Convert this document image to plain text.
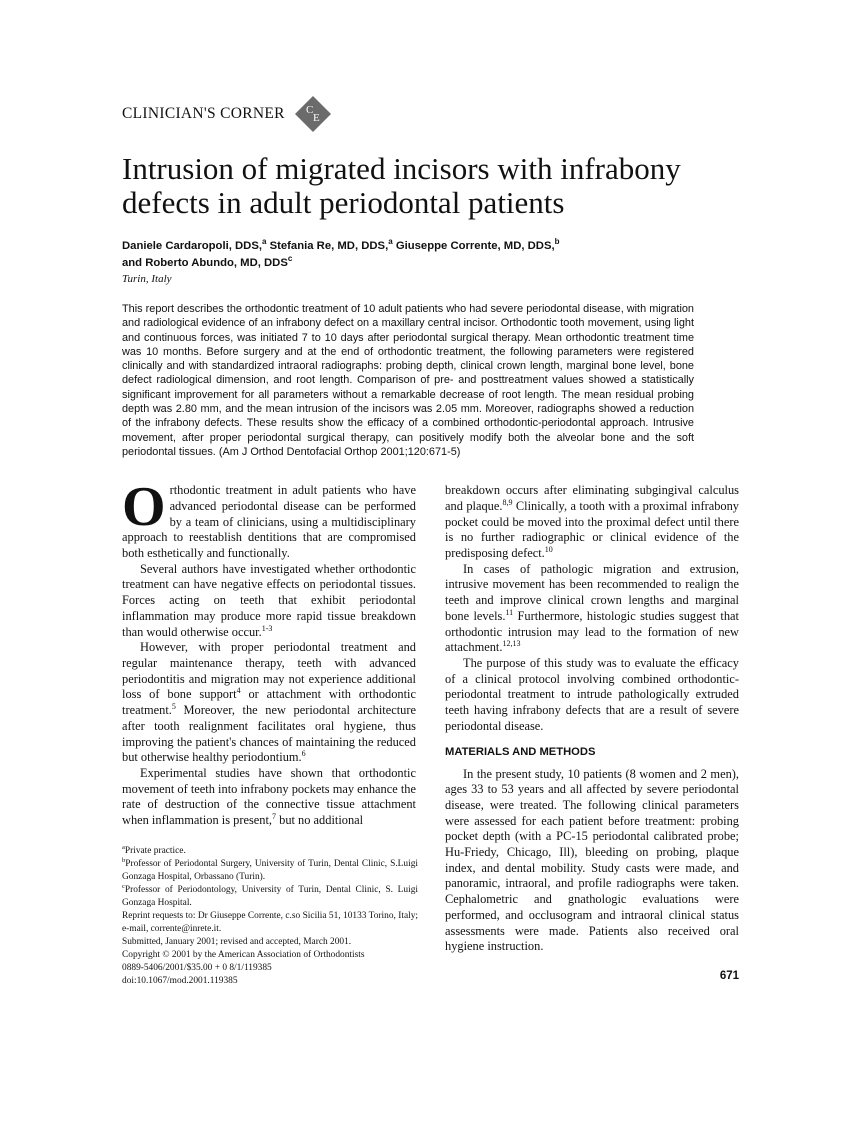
CLINICIAN'S CORNER C
E
Intrusion of migrated incisors with infrabony defects in adult periodontal patients
Daniele Cardaropoli, DDS,$^a$ Stefania Re, MD, DDS,$^a$ Giuseppe Corrente, MD, DDS,$^b$
and Roberto Abundo, MD, DDS$^c$
Turin, Italy

This report describes the orthodontic treatment of 10 adult patients who had severe periodontal disease, with migration and radiological evidence of an infrabony defect on a maxillary central incisor. Orthodontic tooth movement, using light and continuous forces, was initiated 7 to 10 days after periodontal surgical therapy. Mean orthodontic treatment time was 10 months. Before surgery and at the end of orthodontic treatment, the following parameters were registered clinically and with standardized intraoral radiographs: probing depth, clinical crown length, marginal bone level, bone defect radiological dimension, and root length. Comparison of pre- and posttreatment values showed a statistically significant improvement for all parameters without a remarkable decrease of root length. The mean residual probing depth was 2.80 mm, and the mean intrusion of the incisors was 2.05 mm. Moreover, radiographs showed a reduction of the infrabony defects. These results show the efficacy of a combined orthodontic-periodontal approach. Intrusive movement, after proper periodontal surgical therapy, can positively modify both the alveolar bone and the soft periodontal tissues. (Am J Orthod Dentofacial Orthop 2001;120:671-5)

Orthodontic treatment in adult patients who have advanced periodontal disease can be performed by a team of clinicians, using a multidisciplinary approach to reestablish dentitions that are compromised both esthetically and functionally.

Several authors have investigated whether orthodontic treatment can have negative effects on periodontal tissues. Forces acting on teeth that exhibit periodontal inflammation may produce more rapid tissue breakdown than would otherwise occur.$^{1-3}$

However, with proper periodontal treatment and regular maintenance therapy, teeth with advanced periodontitis and migration may not experience additional loss of bone support$^4$ or attachment with orthodontic treatment.$^5$ Moreover, the new periodontal architecture after tooth realignment facilitates oral hygiene, thus improving the patient's chances of maintaining the reduced but otherwise healthy periodontium.$^6$

Experimental studies have shown that orthodontic movement of teeth into infrabony pockets may enhance the rate of destruction of the connective tissue attachment when inflammation is present,$^7$ but no additional

$^a$Private practice.
$^b$Professor of Periodontal Surgery, University of Turin, Dental Clinic, S.Luigi Gonzaga Hospital, Orbassano (Turin).
$^c$Professor of Periodontology, University of Turin, Dental Clinic, S. Luigi Gonzaga Hospital.
Reprint requests to: Dr Giuseppe Corrente, c.so Sicilia 51, 10133 Torino, Italy; e-mail, corrente@inrete.it.
Submitted, January 2001; revised and accepted, March 2001.
Copyright © 2001 by the American Association of Orthodontists
0889-5406/2001/$35.00 + 0 8/1/119385
doi:10.1067/mod.2001.119385

breakdown occurs after eliminating subgingival calculus and plaque.$^{8,9}$ Clinically, a tooth with a proximal infrabony pocket could be moved into the proximal defect until there is no further radiographic or clinical evidence of the predisposing defect.$^{10}$

In cases of pathologic migration and extrusion, intrusive movement has been recommended to realign the teeth and improve clinical crown lengths and marginal bone levels.$^{11}$ Furthermore, histologic studies suggest that orthodontic intrusion may lead to the formation of new attachment.$^{12,13}$

The purpose of this study was to evaluate the efficacy of a clinical protocol involving combined orthodontic-periodontal treatment to intrude pathologically extruded teeth having infrabony defects that are a result of severe periodontal disease.

MATERIALS AND METHODS

In the present study, 10 patients (8 women and 2 men), ages 33 to 53 years and all affected by severe periodontal disease, were treated. The following clinical parameters were assessed for each patient before treatment: probing pocket depth (with a PC-15 periodontal calibrated probe; Hu-Friedy, Chicago, Ill), bleeding on probing, plaque index, and dental mobility. Study casts were made, and panoramic, intraoral, and profile radiographs were taken. Cephalometric and gnathologic evaluations were performed, and occlusogram and intraoral clinical status assessments were made. Patients also received oral hygiene instruction.

671
